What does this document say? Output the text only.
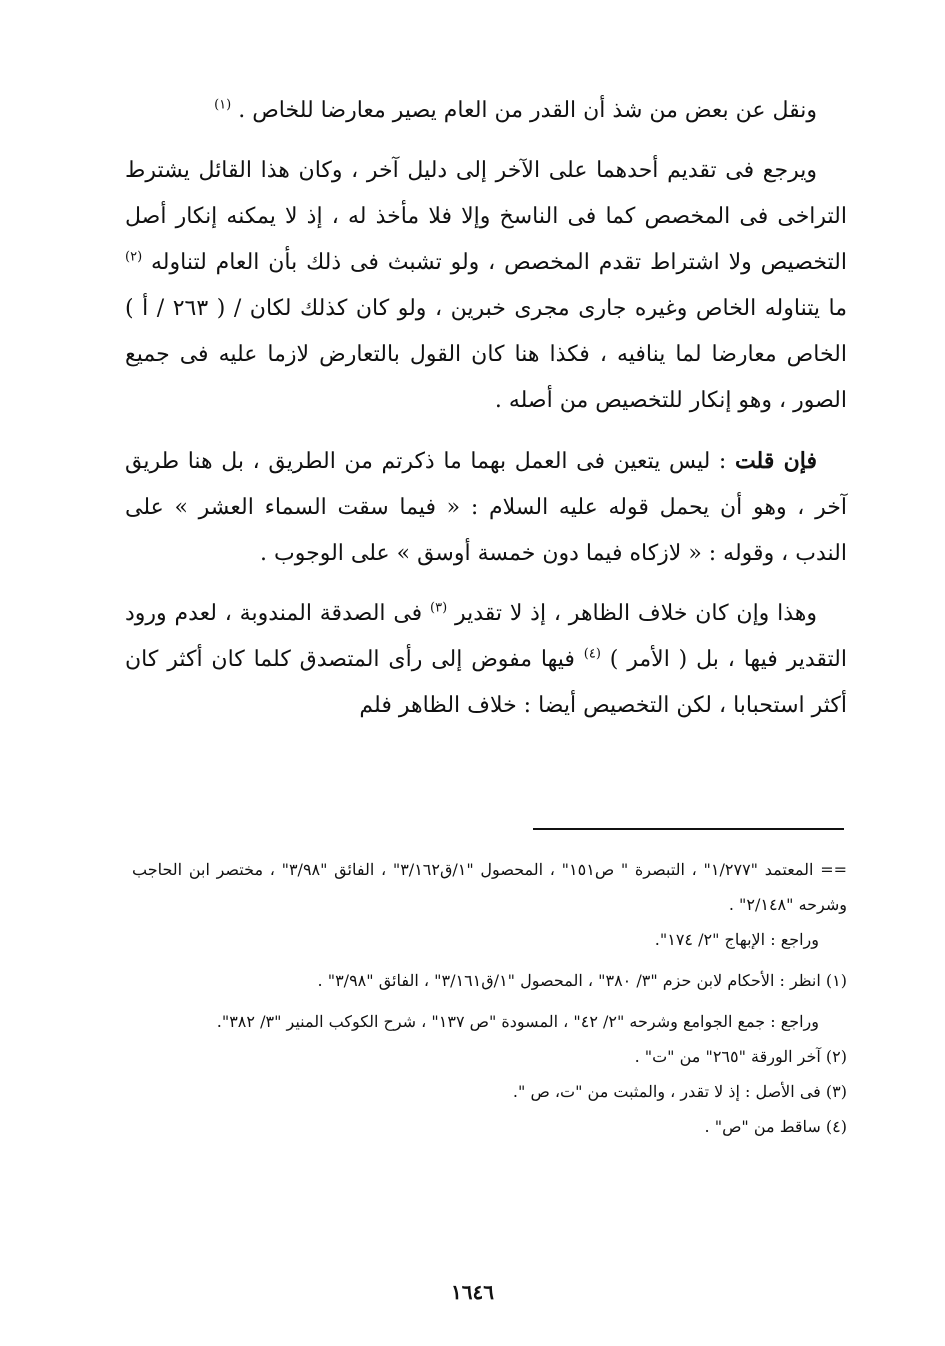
ونقل عن بعض من شذ أن القدر من العام يصير معارضا للخاص . $^{(١)}$

ويرجع فى تقديم أحدهما على الآخر إلى دليل آخر ، وكان هذا القائل يشترط التراخى فى المخصص كما فى الناسخ وإلا فلا مأخذ له ، إذ لا يمكنه إنكار أصل التخصيص ولا اشتراط تقدم المخصص ، ولو تشبث فى ذلك بأن العام لتناوله $^{(٢)}$ ما يتناوله الخاص وغيره جارى مجرى خبرين ، ولو كان كذلك لكان / ( ٢٦٣ / أ ) الخاص معارضا لما ينافيه ، فكذا هنا كان القول بالتعارض لازما عليه فى جميع الصور ، وهو إنكار للتخصيص من أصله .

فإن قلت : ليس يتعين فى العمل بهما ما ذكرتم من الطريق ، بل هنا طريق آخر ، وهو أن يحمل قوله عليه السلام : « فيما سقت السماء العشر » على الندب ، وقوله : « لازكاه فيما دون خمسة أوسق » على الوجوب .

وهذا وإن كان خلاف الظاهر ، إذ لا تقدير $^{(٣)}$ فى الصدقة المندوبة ، لعدم ورود التقدير فيها ، بل ( الأمر ) $^{(٤)}$ فيها مفوض إلى رأى المتصدق كلما كان أكثر كان أكثر استحبابا ، لكن التخصيص أيضا : خلاف الظاهر فلم

== المعتمد "١/٢٧٧" ، التبصرة " ص١٥١" ، المحصول "١/ق٣/١٦٢" ، الفائق "٣/٩٨" ، مختصر ابن الحاجب وشرحه "٢/١٤٨" .

وراجع : الإبهاج "٢/ ١٧٤".

(١) انظر : الأحكام لابن حزم "٣/ ٣٨٠" ، المحصول "١/ق٣/١٦١" ، الفائق "٣/٩٨" .

وراجع : جمع الجوامع وشرحه "٢/ ٤٢" ، المسودة "ص ١٣٧" ، شرح الكوكب المنير "٣/ ٣٨٢".

(٢) آخر الورقة "٢٦٥" من "ت" .

(٣) فى الأصل : إذ لا تقدر ، والمثبت من "ت، ص ".

(٤) ساقط من "ص" .

١٦٤٦
